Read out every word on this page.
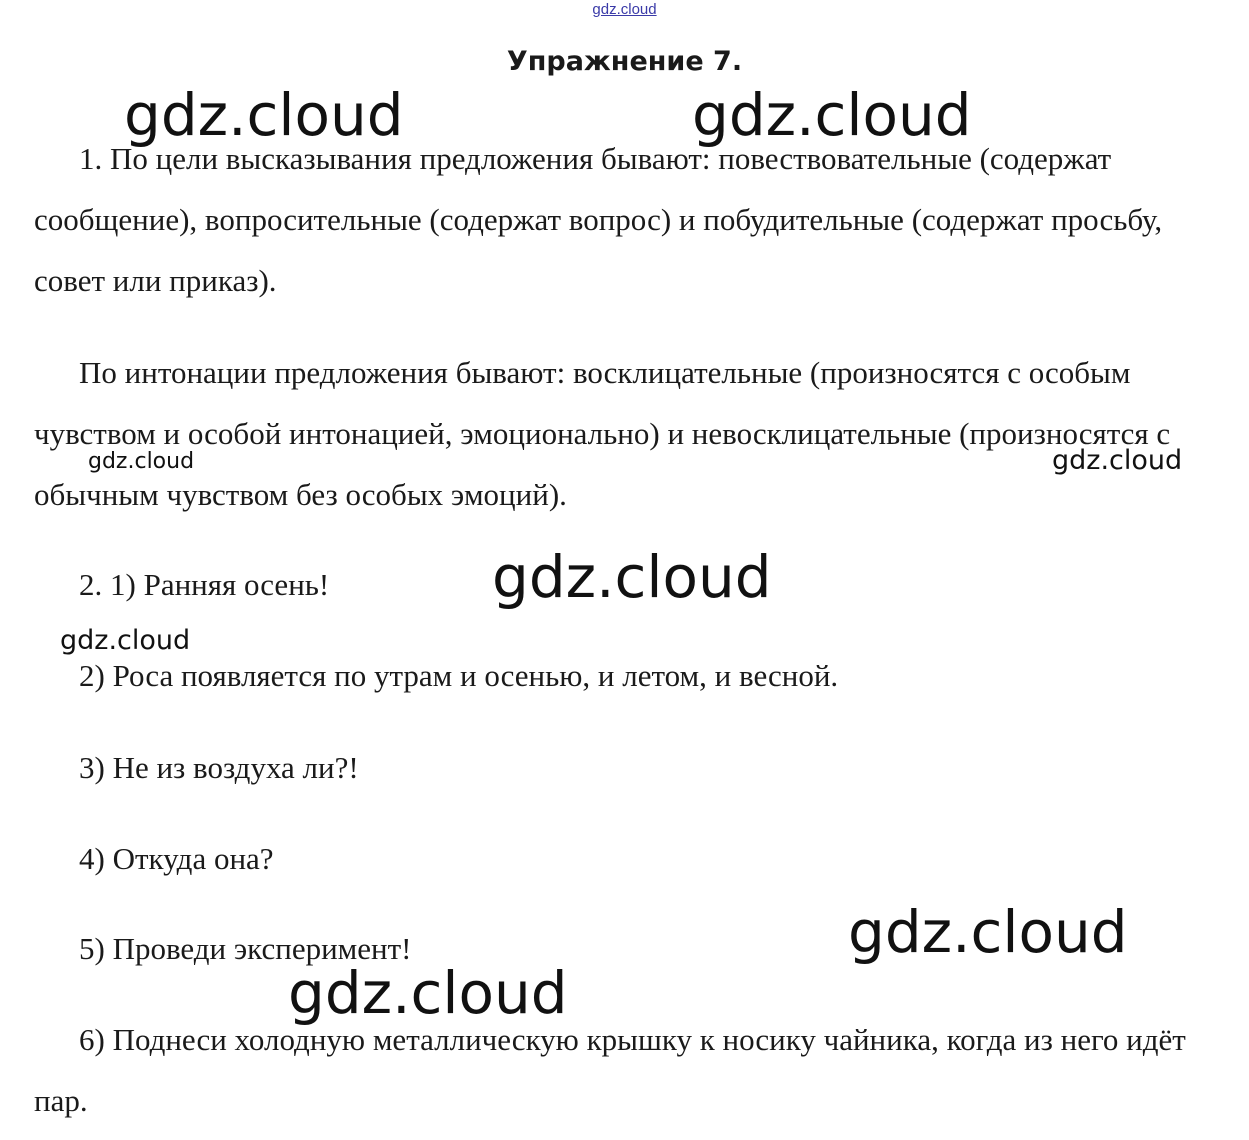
gdz.cloud
Упражнение 7.

1. По цели высказывания предложения бывают: повествовательные (содержат сообщение), вопросительные (содержат вопрос) и побудительные (содержат просьбу, совет или приказ).

По интонации предложения бывают: восклицательные (произносятся с особым чувством и особой интонацией, эмоционально) и невосклицательные (произносятся с обычным чувством без особых эмоций).

2. 1) Ранняя осень!

2) Роса появляется по утрам и осенью, и летом, и весной.

3) Не из воздуха ли?!

4) Откуда она?

5) Проведи эксперимент!

6) Поднеси холодную металлическую крышку к носику чайника, когда из него идёт пар.

gdz.cloud	gdz.cloud
gdz.cloud	gdz.cloud
gdz.cloud
gdz.cloud
gdz.cloud
gdz.cloud
